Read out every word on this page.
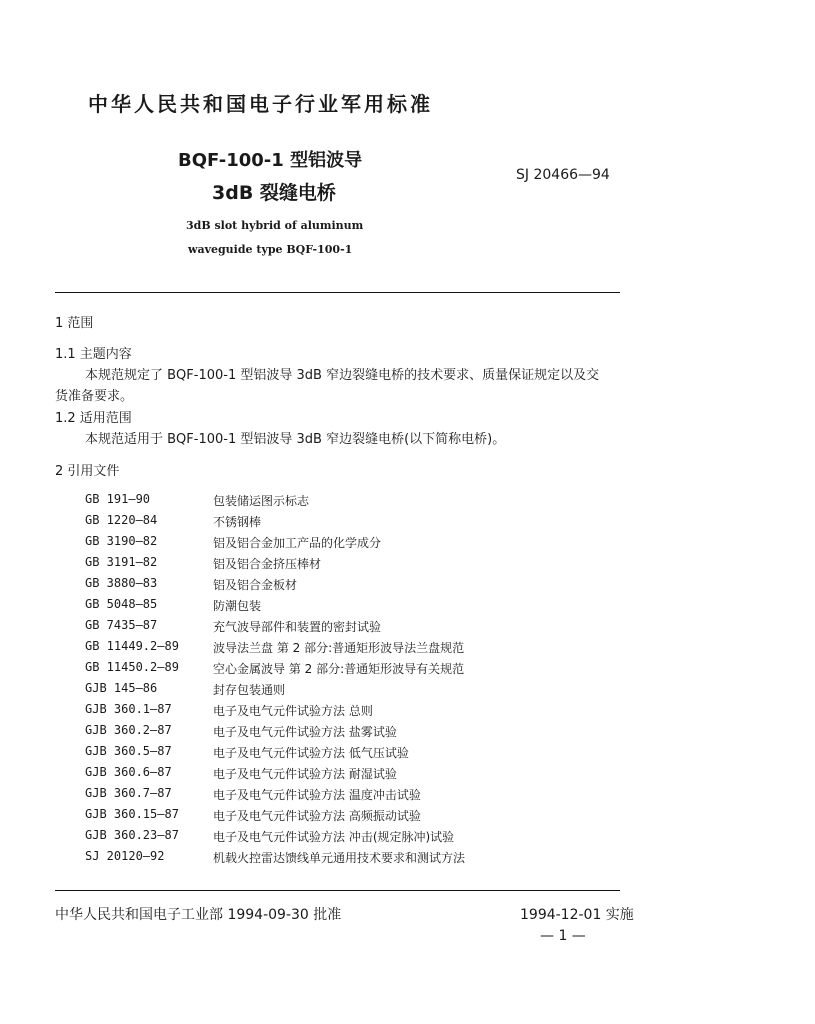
中华人民共和国电子行业军用标准
BQF-100-1 型铝波导
3dB 裂缝电桥
SJ 20466—94
3dB slot hybrid of aluminum
waveguide type BQF-100-1
1 范围
1.1 主题内容
本规范规定了 BQF-100-1 型铝波导 3dB 窄边裂缝电桥的技术要求、质量保证规定以及交
货准备要求。
1.2 适用范围
本规范适用于 BQF-100-1 型铝波导 3dB 窄边裂缝电桥(以下简称电桥)。
2 引用文件
GB 191—90	包装储运图示标志
GB 1220—84	不锈钢棒
GB 3190—82	铝及铝合金加工产品的化学成分
GB 3191—82	铝及铝合金挤压棒材
GB 3880—83	铝及铝合金板材
GB 5048—85	防潮包装
GB 7435—87	充气波导部件和装置的密封试验
GB 11449.2—89	波导法兰盘 第 2 部分:普通矩形波导法兰盘规范
GB 11450.2—89	空心金属波导 第 2 部分:普通矩形波导有关规范
GJB 145—86	封存包装通则
GJB 360.1—87	电子及电气元件试验方法 总则
GJB 360.2—87	电子及电气元件试验方法 盐雾试验
GJB 360.5—87	电子及电气元件试验方法 低气压试验
GJB 360.6—87	电子及电气元件试验方法 耐湿试验
GJB 360.7—87	电子及电气元件试验方法 温度冲击试验
GJB 360.15—87	电子及电气元件试验方法 高频振动试验
GJB 360.23—87	电子及电气元件试验方法 冲击(规定脉冲)试验
SJ 20120—92	机载火控雷达馈线单元通用技术要求和测试方法
中华人民共和国电子工业部 1994-09-30 批准	1994-12-01 实施
— 1 —
